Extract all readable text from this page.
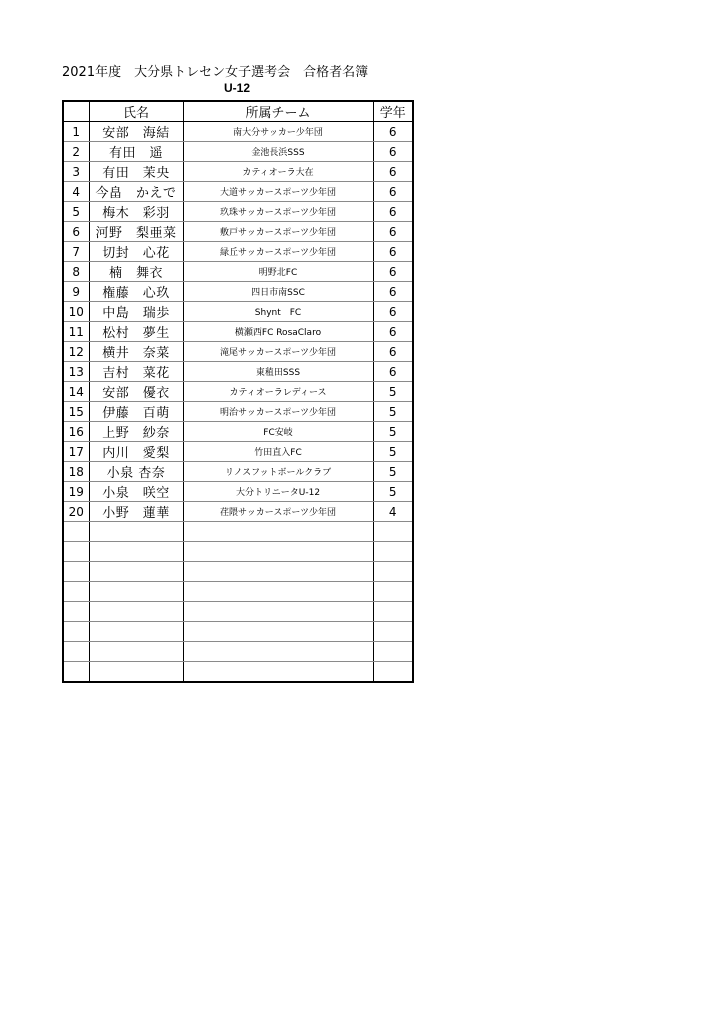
2021年度　大分県トレセン女子選考会　合格者名簿
U-12
	氏名	所属チーム	学年
1	安部　海結	南大分サッカー少年団	6
2	有田　遥	金池長浜SSS	6
3	有田　茉央	カティオーラ大在	6
4	今畠　かえで	大道サッカースポーツ少年団	6
5	梅木　彩羽	玖珠サッカースポーツ少年団	6
6	河野　梨亜菜	敷戸サッカースポーツ少年団	6
7	切封　心花	緑丘サッカースポーツ少年団	6
8	楠　舞衣	明野北FC	6
9	権藤　心玖	四日市南SSC	6
10	中島　瑞歩	Shynt　FC	6
11	松村　夢生	横瀬西FC RosaClaro	6
12	横井　奈菜	滝尾サッカースポーツ少年団	6
13	吉村　菜花	東稙田SSS	6
14	安部　優衣	カティオーラレディース	5
15	伊藤　百萌	明治サッカースポーツ少年団	5
16	上野　紗奈	FC安岐	5
17	内川　愛梨	竹田直入FC	5
18	小泉 杏奈	リノスフットボールクラブ	5
19	小泉　咲空	大分トリニータU-12	5
20	小野　蓮華	荏隈サッカースポーツ少年団	4
